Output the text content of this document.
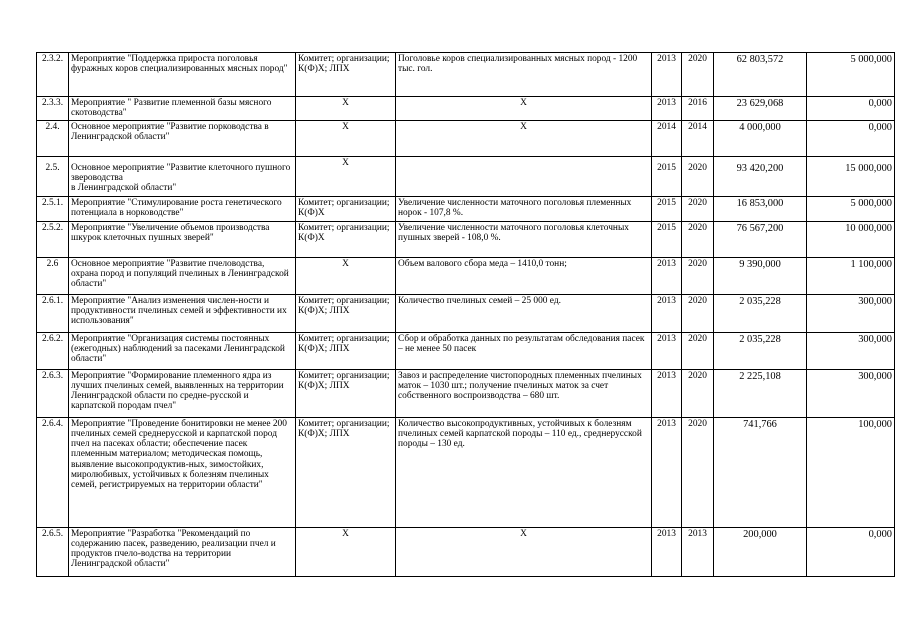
2.3.2.	Мероприятие "Поддержка прироста поголовья фуражных коров специализированных мясных пород"	Комитет; организации; К(Ф)Х; ЛПХ	Поголовье коров специализированных мясных пород - 1200 тыс. гол.	2013	2020	62 803,572	5 000,000
2.3.3.	Мероприятие " Развитие племенной базы мясного скотоводства"	Х	Х	2013	2016	23 629,068	0,000
2.4.	Основное мероприятие "Развитие порководства в Ленинградской области"	Х	Х	2014	2014	4 000,000	0,000
2.5.	Основное мероприятие "Развитие клеточного пушного звероводства
в Ленинградской области"	Х		2015	2020	93 420,200	15 000,000
2.5.1.	Мероприятие "Стимулирование роста генетического потенциала в норководстве"	Комитет; организации; К(Ф)Х	Увеличение численности маточного поголовья племенных норок - 107,8 %.	2015	2020	16 853,000	5 000,000
2.5.2.	Мероприятие "Увеличение объемов производства шкурок клеточных пушных зверей"	Комитет; организации; К(Ф)Х	Увеличение численности маточного поголовья клеточных пушных зверей - 108,0 %.	2015	2020	76 567,200	10 000,000
2.6	Основное мероприятие "Развитие пчеловодства, охрана пород и популяций пчелиных в Ленинградской области"	Х	Объем валового сбора меда – 1410,0 тонн;	2013	2020	9 390,000	1 100,000
2.6.1.	Мероприятие "Анализ изменения числен-ности и продуктивности пчелиных семей и эффективности их использования"	Комитет; организации; К(Ф)Х; ЛПХ	Количество пчелиных семей – 25 000 ед.	2013	2020	2 035,228	300,000
2.6.2.	Мероприятие "Организация системы постоянных (ежегодных) наблюдений за пасеками Ленинградской области"	Комитет; организации; К(Ф)Х; ЛПХ	Сбор и обработка данных по результатам обследования пасек – не менее 50 пасек	2013	2020	2 035,228	300,000
2.6.3.	Мероприятие "Формирование племенного ядра из лучших пчелиных семей, выявленных на территории Ленинградской области по средне-русской и карпатской породам пчел"	Комитет; организации; К(Ф)Х; ЛПХ	Завоз и распределение чистопородных племенных пчелиных маток – 1030 шт.; получение пчелиных маток за счет собственного воспроизводства – 680 шт.	2013	2020	2 225,108	300,000
2.6.4.	Мероприятие "Проведение бонитировки не менее 200 пчелиных семей среднерусской и карпатской пород пчел на пасеках области; обеспечение пасек племенным материалом; методическая помощь, выявление высокопродуктив-ных, зимостойких, миролюбивых, устойчивых к болезням пчелиных семей, регистрируемых на территории области"	Комитет; организации; К(Ф)Х; ЛПХ	Количество высокопродуктивных, устойчивых к болезням пчелиных семей карпатской породы – 110 ед., среднерусской породы – 130 ед.	2013	2020	741,766	100,000
2.6.5.	Мероприятие "Разработка "Рекомендаций по содержанию пасек, разведению, реализации пчел и продуктов пчело-водства на территории Ленинградской области"	Х	Х	2013	2013	200,000	0,000
